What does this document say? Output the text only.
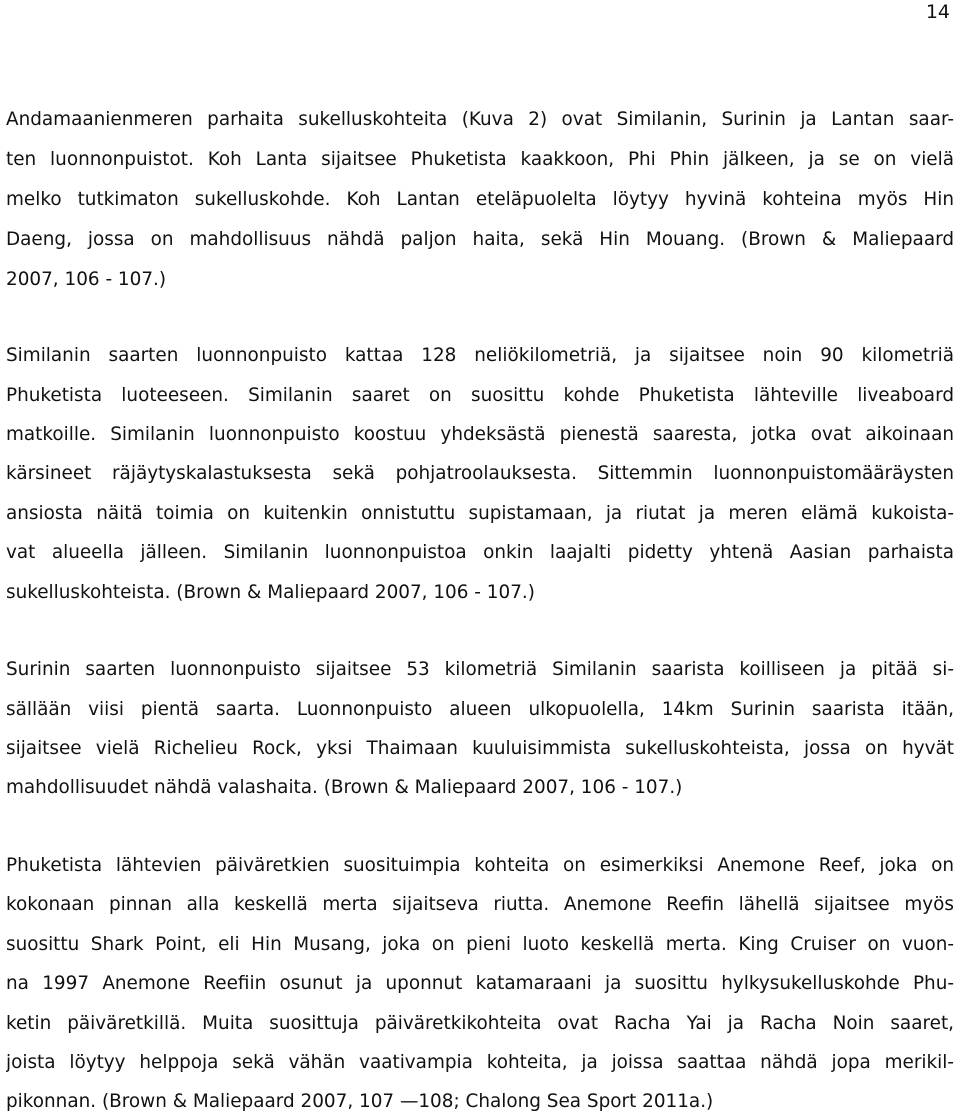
14
Andamaanienmeren parhaita sukelluskohteita (Kuva 2) ovat Similanin, Surinin ja Lantan saar-
ten luonnonpuistot. Koh Lanta sijaitsee Phuketista kaakkoon, Phi Phin jälkeen, ja se on vielä
melko tutkimaton sukelluskohde. Koh Lantan eteläpuolelta löytyy hyvinä kohteina myös Hin
Daeng, jossa on mahdollisuus nähdä paljon haita, sekä Hin Mouang. (Brown & Maliepaard
2007, 106 - 107.)
Similanin saarten luonnonpuisto kattaa 128 neliökilometriä, ja sijaitsee noin 90 kilometriä
Phuketista luoteeseen. Similanin saaret on suosittu kohde Phuketista lähteville liveaboard
matkoille. Similanin luonnonpuisto koostuu yhdeksästä pienestä saaresta, jotka ovat aikoinaan
kärsineet räjäytyskalastuksesta sekä pohjatroolauksesta. Sittemmin luonnonpuistomääräysten
ansiosta näitä toimia on kuitenkin onnistuttu supistamaan, ja riutat ja meren elämä kukoista-
vat alueella jälleen. Similanin luonnonpuistoa onkin laajalti pidetty yhtenä Aasian parhaista
sukelluskohteista. (Brown & Maliepaard 2007, 106 - 107.)
Surinin saarten luonnonpuisto sijaitsee 53 kilometriä Similanin saarista koilliseen ja pitää si-
sällään viisi pientä saarta. Luonnonpuisto alueen ulkopuolella, 14km Surinin saarista itään,
sijaitsee vielä Richelieu Rock, yksi Thaimaan kuuluisimmista sukelluskohteista, jossa on hyvät
mahdollisuudet nähdä valashaita. (Brown & Maliepaard 2007, 106 - 107.)
Phuketista lähtevien päiväretkien suosituimpia kohteita on esimerkiksi Anemone Reef, joka on
kokonaan pinnan alla keskellä merta sijaitseva riutta. Anemone Reefin lähellä sijaitsee myös
suosittu Shark Point, eli Hin Musang, joka on pieni luoto keskellä merta. King Cruiser on vuon-
na 1997 Anemone Reefiin osunut ja uponnut katamaraani ja suosittu hylkysukelluskohde Phu-
ketin päiväretkillä. Muita suosittuja päiväretkikohteita ovat Racha Yai ja Racha Noin saaret,
joista löytyy helppoja sekä vähän vaativampia kohteita, ja joissa saattaa nähdä jopa merikil-
pikonnan. (Brown & Maliepaard 2007, 107 —108; Chalong Sea Sport 2011a.)
